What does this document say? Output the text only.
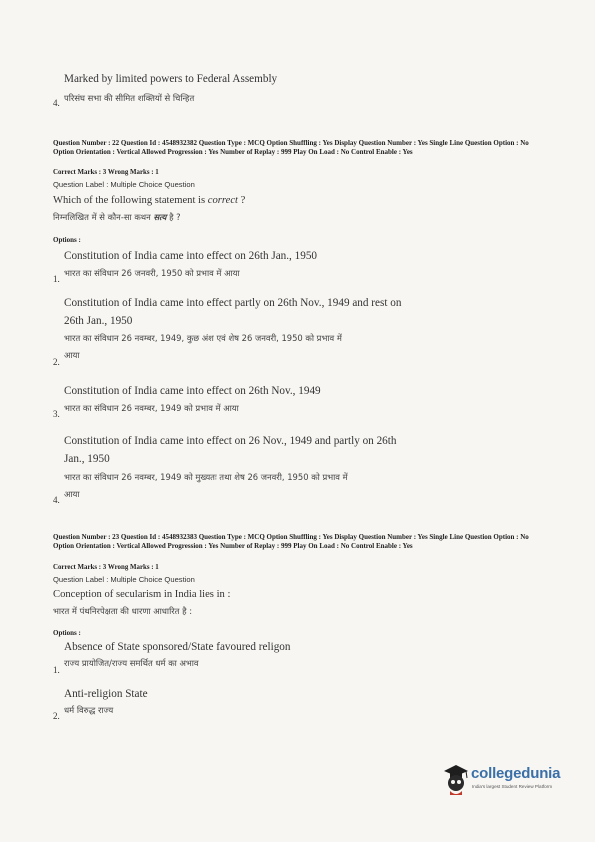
Marked by limited powers to Federal Assembly
4. परिसंघ सभा की सीमित शक्तियों से चिन्हित
Question Number : 22 Question Id : 4548932382 Question Type : MCQ Option Shuffling : Yes Display Question Number : Yes Single Line Question Option : No Option Orientation : Vertical Allowed Progression : Yes Number of Replay : 999 Play On Load : No Control Enable : Yes
Correct Marks : 3 Wrong Marks : 1
Question Label : Multiple Choice Question
Which of the following statement is correct ?
निम्नलिखित में से कौन-सा कथन सत्य है ?
Options :
Constitution of India came into effect on 26th Jan., 1950
1.
भारत का संविधान 26 जनवरी, 1950 को प्रभाव में आया
Constitution of India came into effect partly on 26th Nov., 1949 and rest on
26th Jan., 1950
भारत का संविधान 26 नवम्बर, 1949, कुछ अंश एवं शेष 26 जनवरी, 1950 को प्रभाव में
2.
आया
Constitution of India came into effect on 26th Nov., 1949
3.
भारत का संविधान 26 नवम्बर, 1949 को प्रभाव में आया
Constitution of India came into effect on 26 Nov., 1949 and partly on 26th
Jan., 1950
भारत का संविधान 26 नवम्बर, 1949 को मुख्यतः तथा शेष 26 जनवरी, 1950 को प्रभाव में
4.
आया
Question Number : 23 Question Id : 4548932383 Question Type : MCQ Option Shuffling : Yes Display Question Number : Yes Single Line Question Option : No Option Orientation : Vertical Allowed Progression : Yes Number of Replay : 999 Play On Load : No Control Enable : Yes
Correct Marks : 3 Wrong Marks : 1
Question Label : Multiple Choice Question
Conception of secularism in India lies in :
भारत में पंथनिरपेक्षता की धारणा आधारित है :
Options :
Absence of State sponsored/State favoured religon
1.
राज्य प्रायोजित/राज्य समर्थित धर्म का अभाव
Anti-religion State
2.
धर्म विरुद्ध राज्य
collegedunia
India's largest Student Review Platform
